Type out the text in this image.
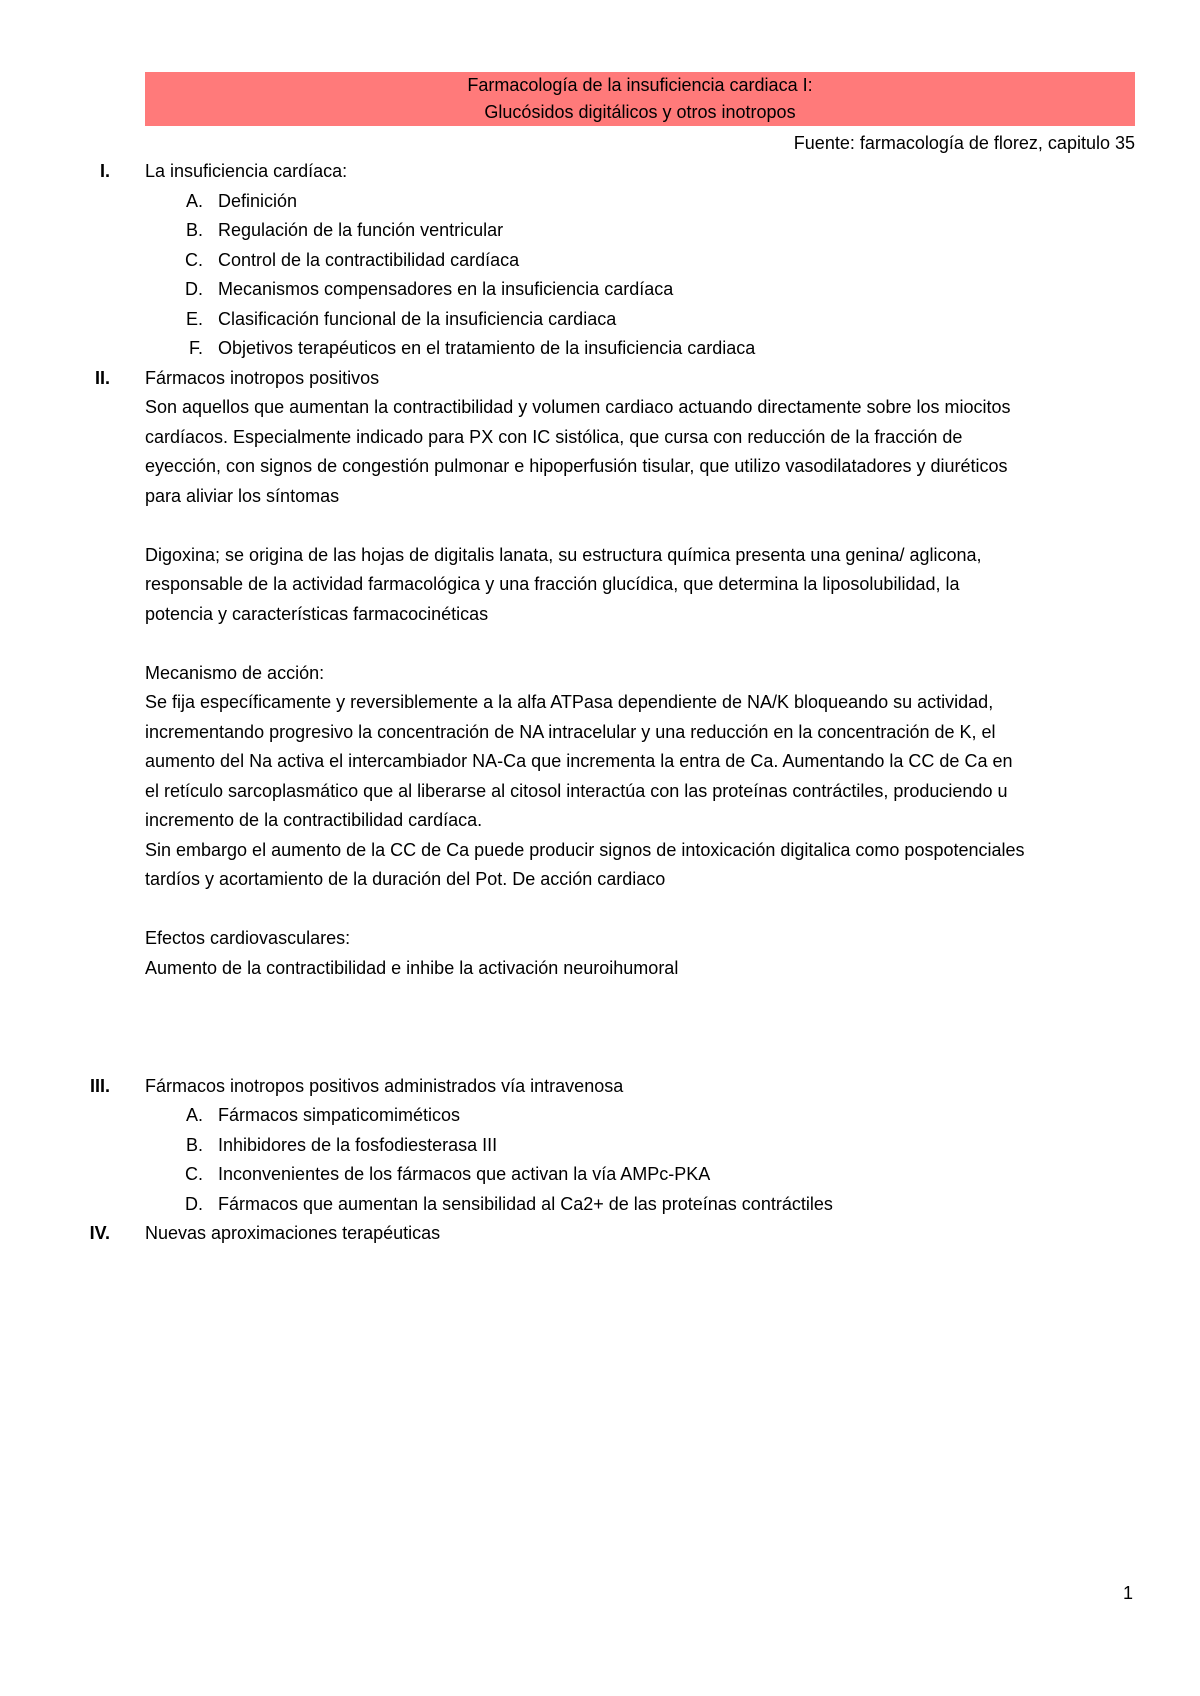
Farmacología de la insuficiencia cardiaca I:
Glucósidos digitálicos y otros inotropos
Fuente: farmacología de florez, capitulo 35
I. La insuficiencia cardíaca:
A. Definición
B. Regulación de la función ventricular
C. Control de la contractibilidad cardíaca
D. Mecanismos compensadores en la insuficiencia cardíaca
E. Clasificación funcional de la insuficiencia cardiaca
F. Objetivos terapéuticos en el tratamiento de la insuficiencia cardiaca
II. Fármacos inotropos positivos
Son aquellos que aumentan la contractibilidad y volumen cardiaco actuando directamente sobre los miocitos
cardíacos. Especialmente indicado para PX con IC sistólica, que cursa con reducción de la fracción de
eyección, con signos de congestión pulmonar e hipoperfusión tisular, que utilizo vasodilatadores y diuréticos
para aliviar los síntomas
Digoxina; se origina de las hojas de digitalis lanata, su estructura química presenta una genina/ aglicona,
responsable de la actividad farmacológica y una fracción glucídica, que determina la liposolubilidad, la
potencia y características farmacocinéticas
Mecanismo de acción:
Se fija específicamente y reversiblemente a la alfa ATPasa dependiente de NA/K bloqueando su actividad,
incrementando progresivo la concentración de NA intracelular y una reducción en la concentración de K, el
aumento del Na activa el intercambiador NA-Ca que incrementa la entra de Ca. Aumentando la CC de Ca en
el retículo sarcoplasmático que al liberarse al citosol interactúa con las proteínas contráctiles, produciendo u
incremento de la contractibilidad cardíaca.
Sin embargo el aumento de la CC de Ca puede producir signos de intoxicación digitalica como pospotenciales
tardíos y acortamiento de la duración del Pot. De acción cardiaco
Efectos cardiovasculares:
Aumento de la contractibilidad e inhibe la activación neuroihumoral
III. Fármacos inotropos positivos administrados vía intravenosa
A. Fármacos simpaticomiméticos
B. Inhibidores de la fosfodiesterasa III
C. Inconvenientes de los fármacos que activan la vía AMPc-PKA
D. Fármacos que aumentan la sensibilidad al Ca2+ de las proteínas contráctiles
IV. Nuevas aproximaciones terapéuticas
1
